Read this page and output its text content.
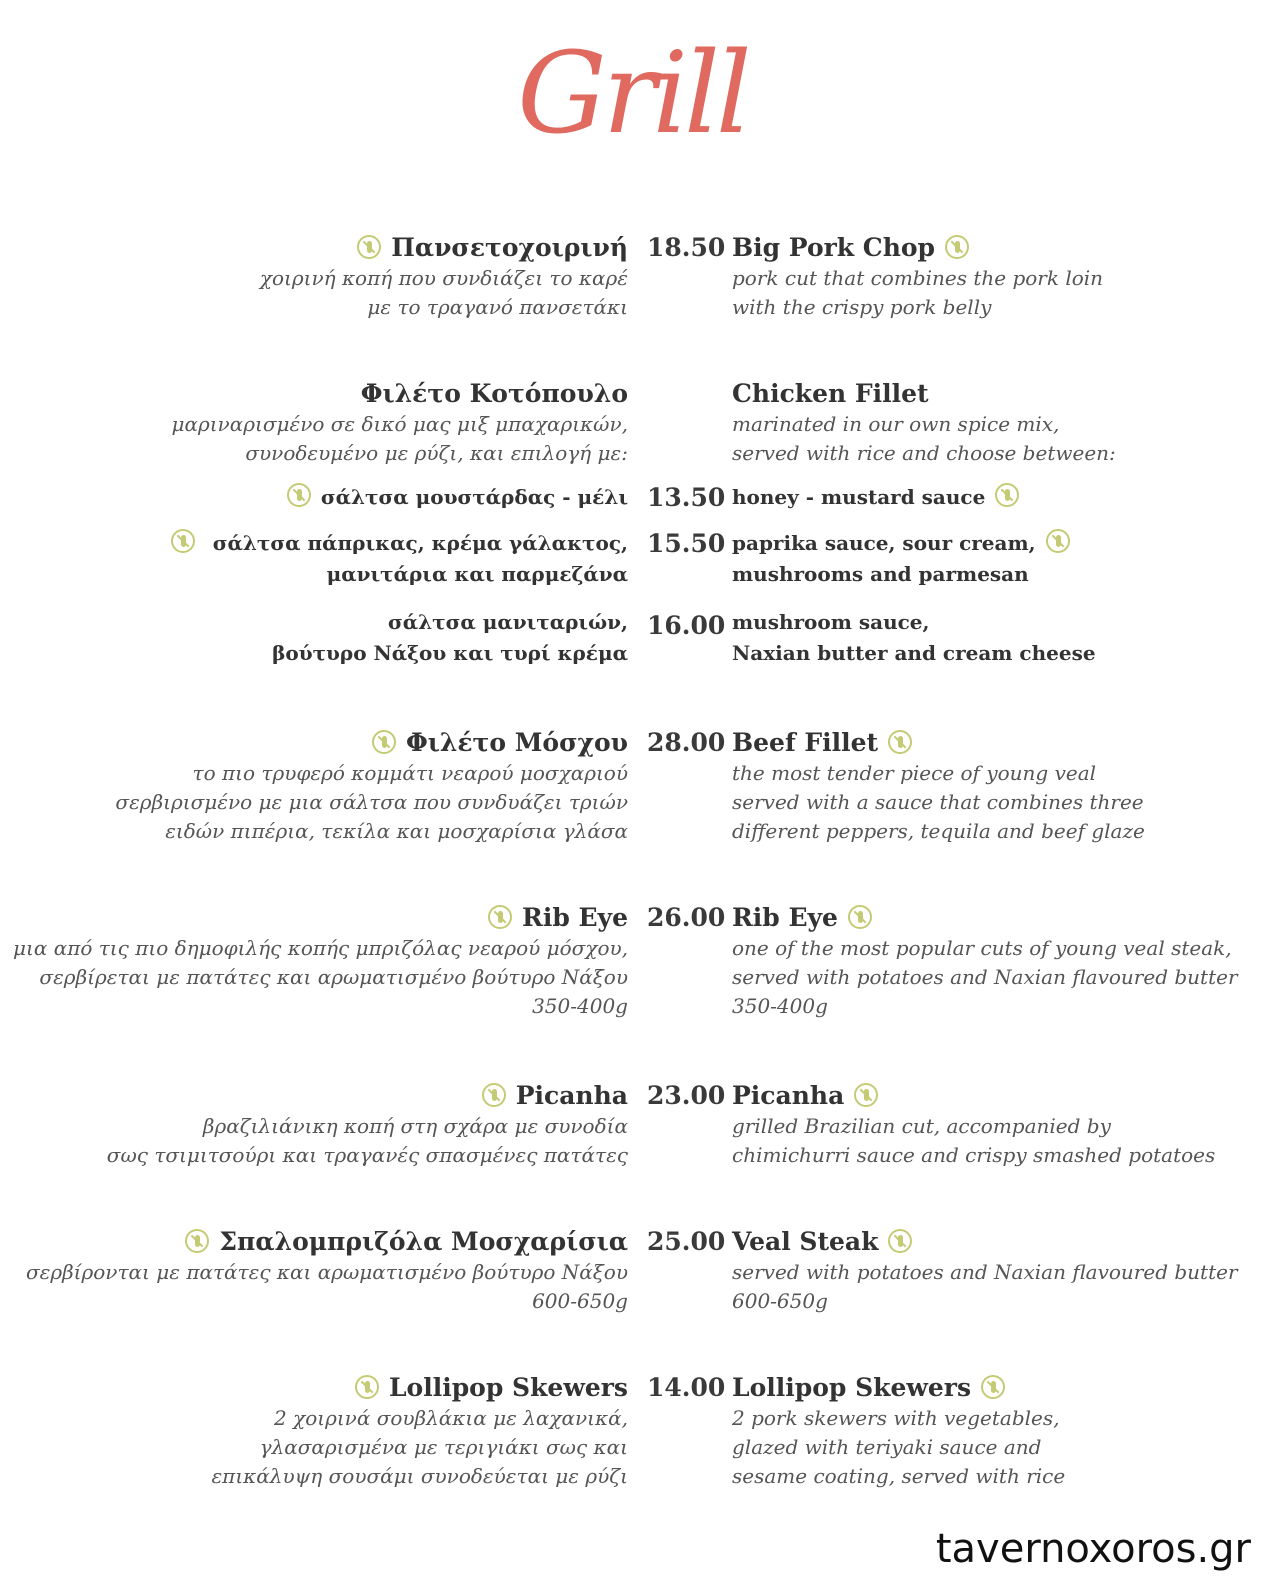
Grill
Πανσετοχοιρινή
χοιρινή κοπή που συνδιάζει το καρέ
με το τραγανό πανσετάκι
18.50 Big Pork Chop
pork cut that combines the pork loin
with the crispy pork belly
Φιλέτο Κοτόπουλο
μαριναρισμένο σε δικό μας μιξ μπαχαρικών,
συνοδευμένο με ρύζι, και επιλογή με:
Chicken Fillet
marinated in our own spice mix,
served with rice and choose between:
σάλτσα μουστάρδας - μέλι 13.50 honey - mustard sauce
σάλτσα πάπρικας, κρέμα γάλακτος,
μανιτάρια και παρμεζάνα
15.50 paprika sauce, sour cream,
mushrooms and parmesan
σάλτσα μανιταριών,
βούτυρο Νάξου και τυρί κρέμα
16.00 mushroom sauce,
Naxian butter and cream cheese
Φιλέτο Μόσχου
το πιο τρυφερό κομμάτι νεαρού μοσχαριού
σερβιρισμένο με μια σάλτσα που συνδυάζει τριών
ειδών πιπέρια, τεκίλα και μοσχαρίσια γλάσα
28.00 Beef Fillet
the most tender piece of young veal
served with a sauce that combines three
different peppers, tequila and beef glaze
Rib Eye
μια από τις πιο δημοφιλής κοπής μπριζόλας νεαρού μόσχου,
σερβίρεται με πατάτες και αρωματισμένο βούτυρο Νάξου
350-400g
26.00 Rib Eye
one of the most popular cuts of young veal steak,
served with potatoes and Naxian flavoured butter
350-400g
Picanha
βραζιλιάνικη κοπή στη σχάρα με συνοδία
σως τσιμιτσούρι και τραγανές σπασμένες πατάτες
23.00 Picanha
grilled Brazilian cut, accompanied by
chimichurri sauce and crispy smashed potatoes
Σπαλομπριζόλα Μοσχαρίσια
σερβίρονται με πατάτες και αρωματισμένο βούτυρο Νάξου
600-650g
25.00 Veal Steak
served with potatoes and Naxian flavoured butter
600-650g
Lollipop Skewers
2 χοιρινά σουβλάκια με λαχανικά,
γλασαρισμένα με τεριγιάκι σως και
επικάλυψη σουσάμι συνοδεύεται με ρύζι
14.00 Lollipop Skewers
2 pork skewers with vegetables,
glazed with teriyaki sauce and
sesame coating, served with rice
tavernoxoros.gr
